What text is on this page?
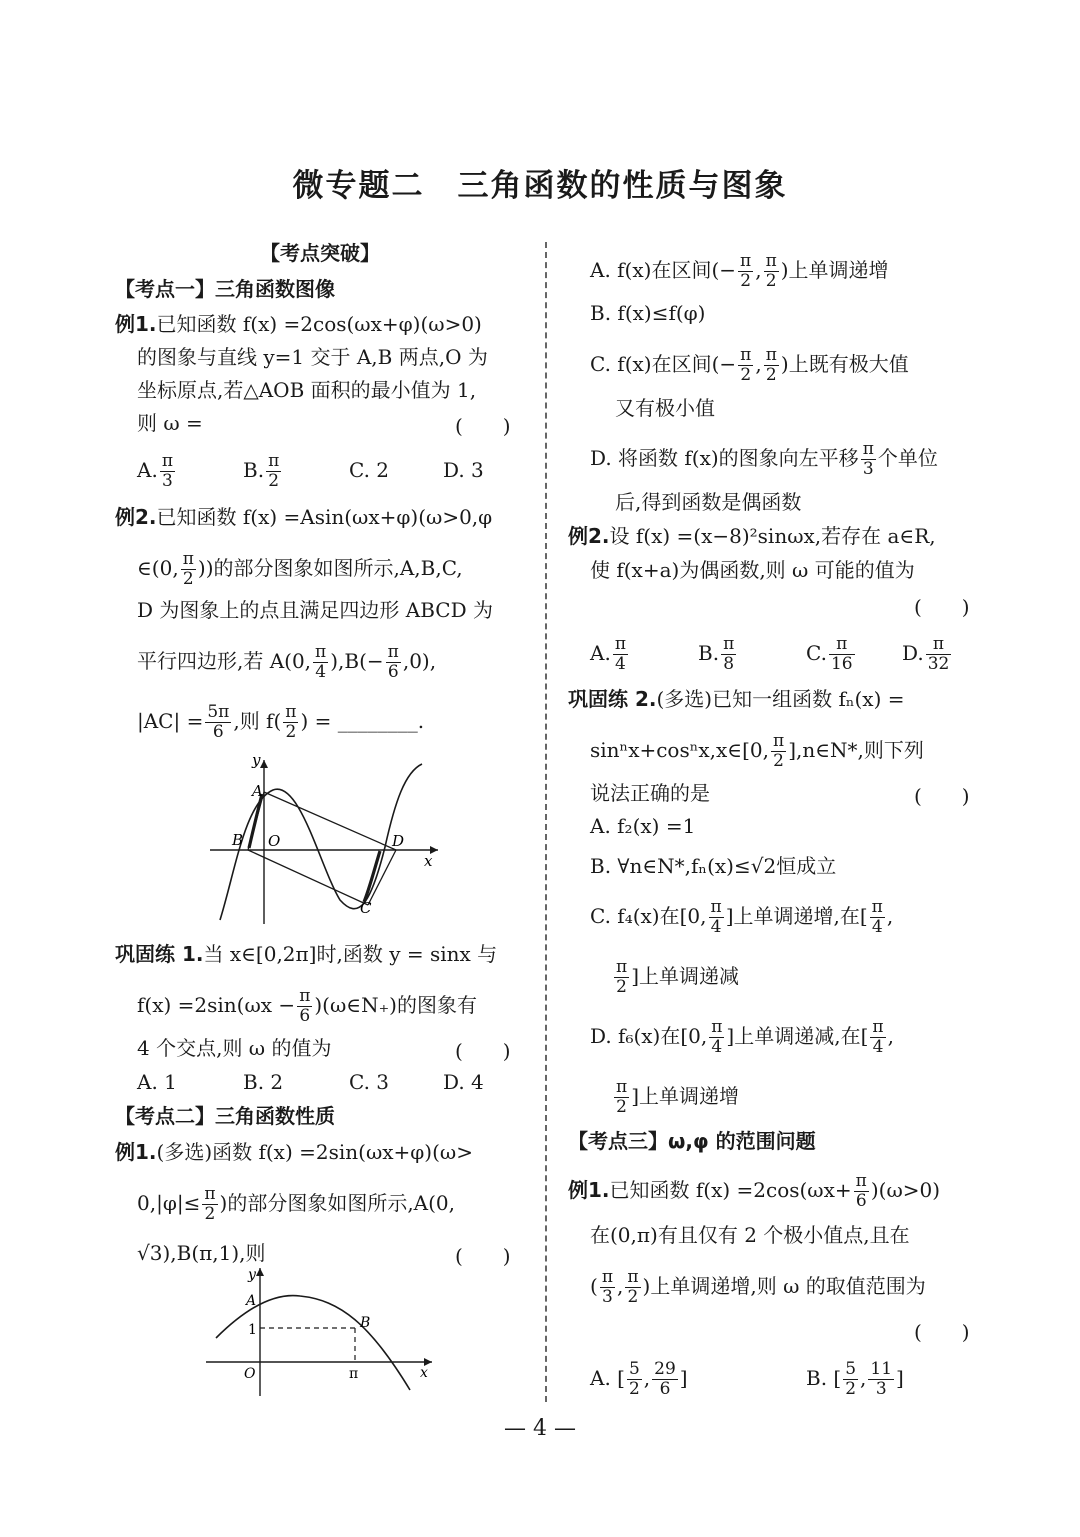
微专题二　三角函数的性质与图象
【考点突破】
【考点一】三角函数图像
例1.已知函数 f(x) =2cos(ωx+φ)(ω>0)
的图象与直线 y=1 交于 A,B 两点,O 为
坐标原点,若△AOB 面积的最小值为 1,
则 ω =	(　　)
A. $\frac{\pi}{3}$	B. $\frac{\pi}{2}$	C. 2	D. 3
例2.已知函数 f(x) =Asin(ωx+φ)(ω>0,φ
∈(0, $\frac{\pi}{2}$ ))的部分图象如图所示,A,B,C,
D 为图象上的点且满足四边形 ABCD 为
平行四边形,若 A(0, $\frac{\pi}{4} ),B(- \frac{\pi}{6} ,0)$,
$|AC| = \frac{5\pi}{6}$ ,则 $f( \frac{\pi}{2}$ ) = ________.
y
x
A
B O	D
C
巩固练 1.当 x∈[0,2π]时,函数 y = sinx 与
$f(x) =2\sin(\omega x - \frac{\pi}{6}$ )(ω∈N₊)的图象有
4 个交点,则 ω 的值为	(　　)
A. 1	B. 2	C. 3	D. 4
【考点二】三角函数性质
例1.(多选)函数 f(x) =2sin(ωx+φ)(ω>
$0,|\varphi|\le \frac{\pi}{2}$ )的部分图象如图所示,A(0,
√3),B(π,1),则	(　　)
y
x
A
B
O
1
π
A. f(x)在区间(− $\frac{\pi}{2}$ , $\frac{\pi}{2}$ )上单调递增
B. f(x)≤f(φ)
C. f(x)在区间(− $\frac{\pi}{2}$ , $\frac{\pi}{2}$ )上既有极大值
又有极小值
D. 将函数 f(x)的图象向左平移 $\frac{\pi}{3}$ 个单位
后,得到函数是偶函数
例2.设 f(x) =(x−8)²sinωx,若存在 a∈R,
使 f(x+a)为偶函数,则 ω 可能的值为
(　　)
A. $\frac{\pi}{4}$	B. $\frac{\pi}{8}$	C. $\frac{\pi}{16} D$. $\frac{\pi}{32}$
巩固练 2.(多选)已知一组函数 fₙ(x) =
sinⁿx+cosⁿx,x∈[0, $\frac{\pi}{2}$ ],n∈N*,则下列
说法正确的是	(　　)
A. f₂(x) =1
B. ∀n∈N*,fₙ(x)≤√2恒成立
C. f₄(x)在[0, $\frac{\pi}{4}$ ]上单调递增,在[ $\frac{\pi}{4}$ ,
$\frac{\pi}{2}$ ]上单调递减
D. f₆(x)在[0, $\frac{\pi}{4}$ ]上单调递减,在[ $\frac{\pi}{4}$ ,
$\frac{\pi}{2}$ ]上单调递增
【考点三】ω,φ 的范围问题
例1.已知函数 $f(x) =2\cos(\omega x+ \frac{\pi}{6} )(\omega>0)$
在(0,π)有且仅有 2 个极小值点,且在
( $\frac{\pi}{3}$ , $\frac{\pi}{2}$ )上单调递增,则 ω 的取值范围为
(　　)
A. [ $\frac{5}{2}$ , $\frac{29}{6}$ ]	B. [ $\frac{5}{2}$ , $\frac{11}{3}$ ]
— 4 —
